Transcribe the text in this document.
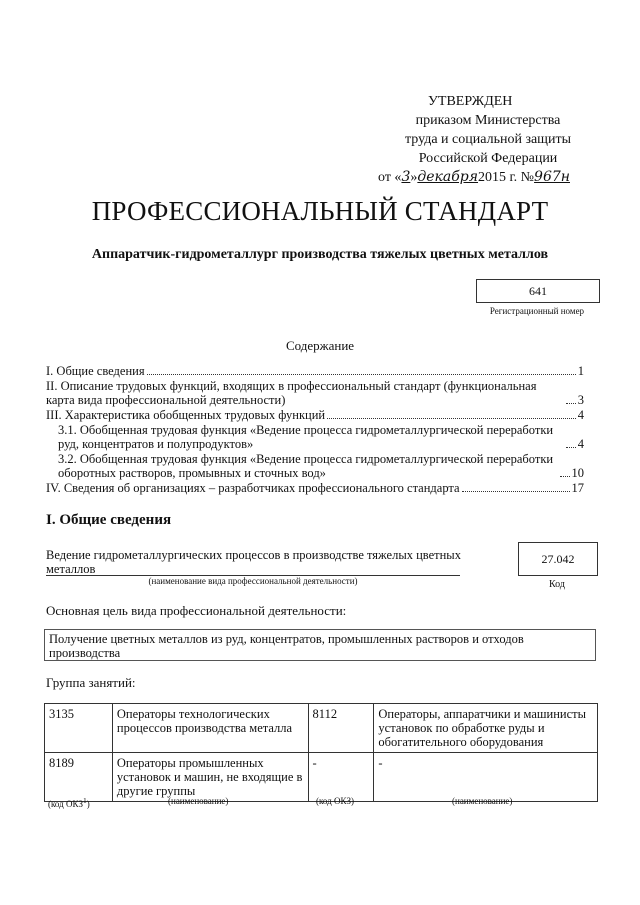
УТВЕРЖДЕН
приказом Министерства
труда и социальной защиты
Российской Федерации
от «3»декабря2015 г. №967н
ПРОФЕССИОНАЛЬНЫЙ СТАНДАРТ
Аппаратчик-гидрометаллург производства тяжелых цветных металлов
641
Регистрационный номер
Содержание
I. Общие сведения	1
II. Описание трудовых функций, входящих в профессиональный стандарт (функциональная карта вида профессиональной деятельности)	3
III. Характеристика обобщенных трудовых функций	4
3.1. Обобщенная трудовая функция «Ведение процесса гидрометаллургической переработки руд, концентратов и полупродуктов»	4
3.2. Обобщенная трудовая функция «Ведение процесса гидрометаллургической переработки оборотных растворов, промывных и сточных вод»	10
IV. Сведения об организациях – разработчиках профессионального стандарта	17
I. Общие сведения
Ведение гидрометаллургических процессов в производстве тяжелых цветных металлов
(наименование вида профессиональной деятельности)
27.042
Код
Основная цель вида профессиональной деятельности:
Получение цветных металлов из руд, концентратов, промышленных растворов и отходов производства
Группа занятий:
3135	Операторы технологических процессов производства металла	8112	Операторы, аппаратчики и машинисты установок по обработке руды и обогатительного оборудования
8189	Операторы промышленных установок и машин, не входящие в другие группы	-	-
(код ОКЗ$^1$)	(наименование)	(код ОКЗ)	(наименование)
